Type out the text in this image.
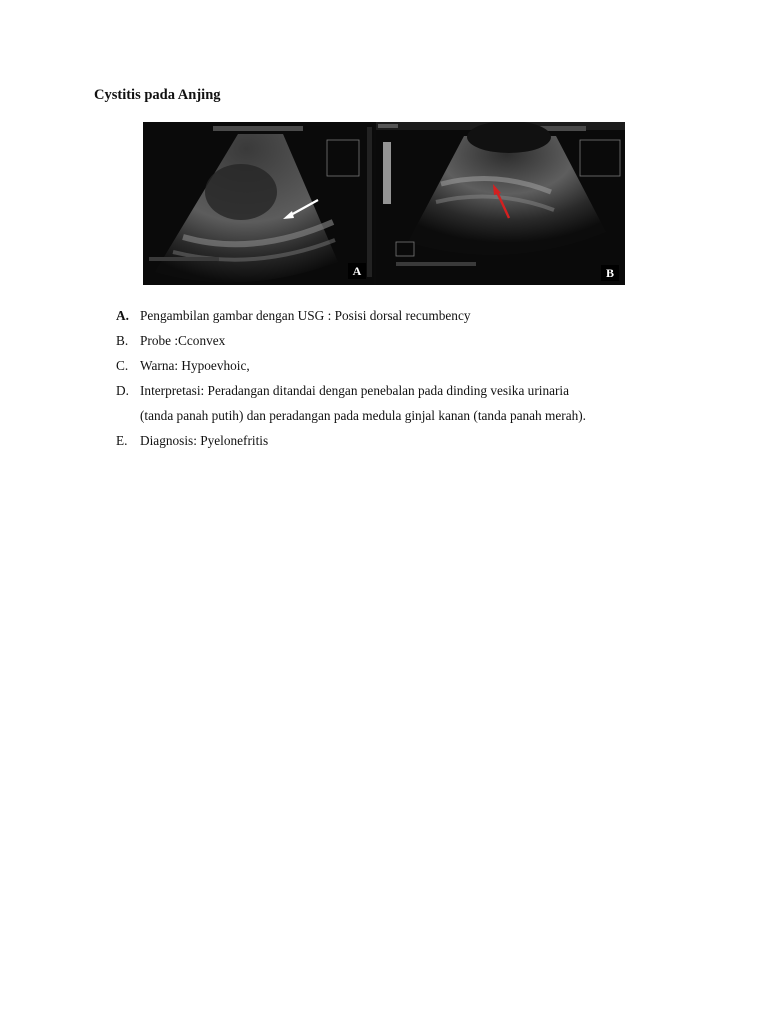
Cystitis pada Anjing
A	B
A. Pengambilan gambar dengan USG : Posisi dorsal recumbency
B. Probe :Cconvex
C. Warna: Hypoevhoic,
D. Interpretasi: Peradangan ditandai dengan penebalan pada dinding vesika urinaria
(tanda panah putih) dan peradangan pada medula ginjal kanan (tanda panah merah).
E. Diagnosis: Pyelonefritis
